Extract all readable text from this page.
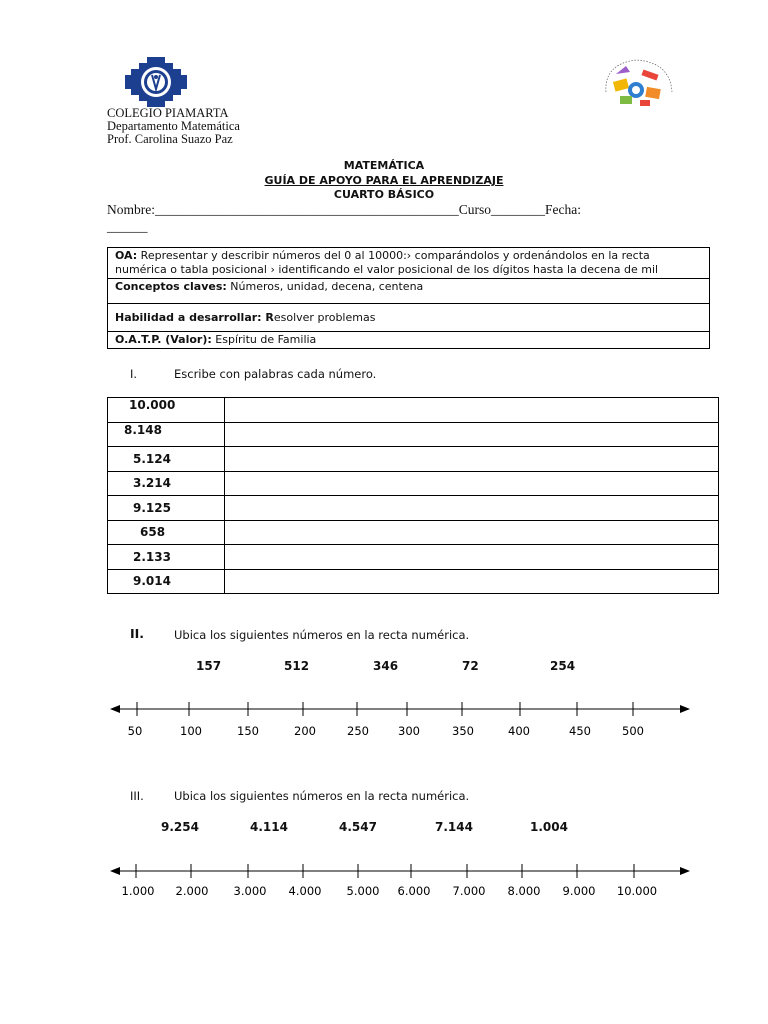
COLEGIO PIAMARTA
Departamento Matemática
Prof. Carolina Suazo Paz
MATEMÁTICA
GUÍA DE APOYO PARA EL APRENDIZAJE
CUARTO BÁSICO
Nombre:_____________________________________________Curso________Fecha:
______
OA: Representar y describir números del 0 al 10000:› comparándolos y ordenándolos en la recta numérica o tabla posicional › identificando el valor posicional de los dígitos hasta la decena de mil
Conceptos claves: Números, unidad, decena, centena
Habilidad a desarrollar: Resolver problemas
O.A.T.P. (Valor): Espíritu de Familia
I.	Escribe con palabras cada número.
10.000	
8.148	
5.124	
3.214	
9.125	
658	
2.133	
9.014	
II.	Ubica los siguientes números en la recta numérica.
157	512	346	72	254
50	100	150	200	250	300	350	400	450	500
III.	Ubica los siguientes números en la recta numérica.
9.254	4.114	4.547	7.144	1.004
1.000 2.000 3.000 4.000 5.000 6.000 7.000 8.000 9.000 10.000
